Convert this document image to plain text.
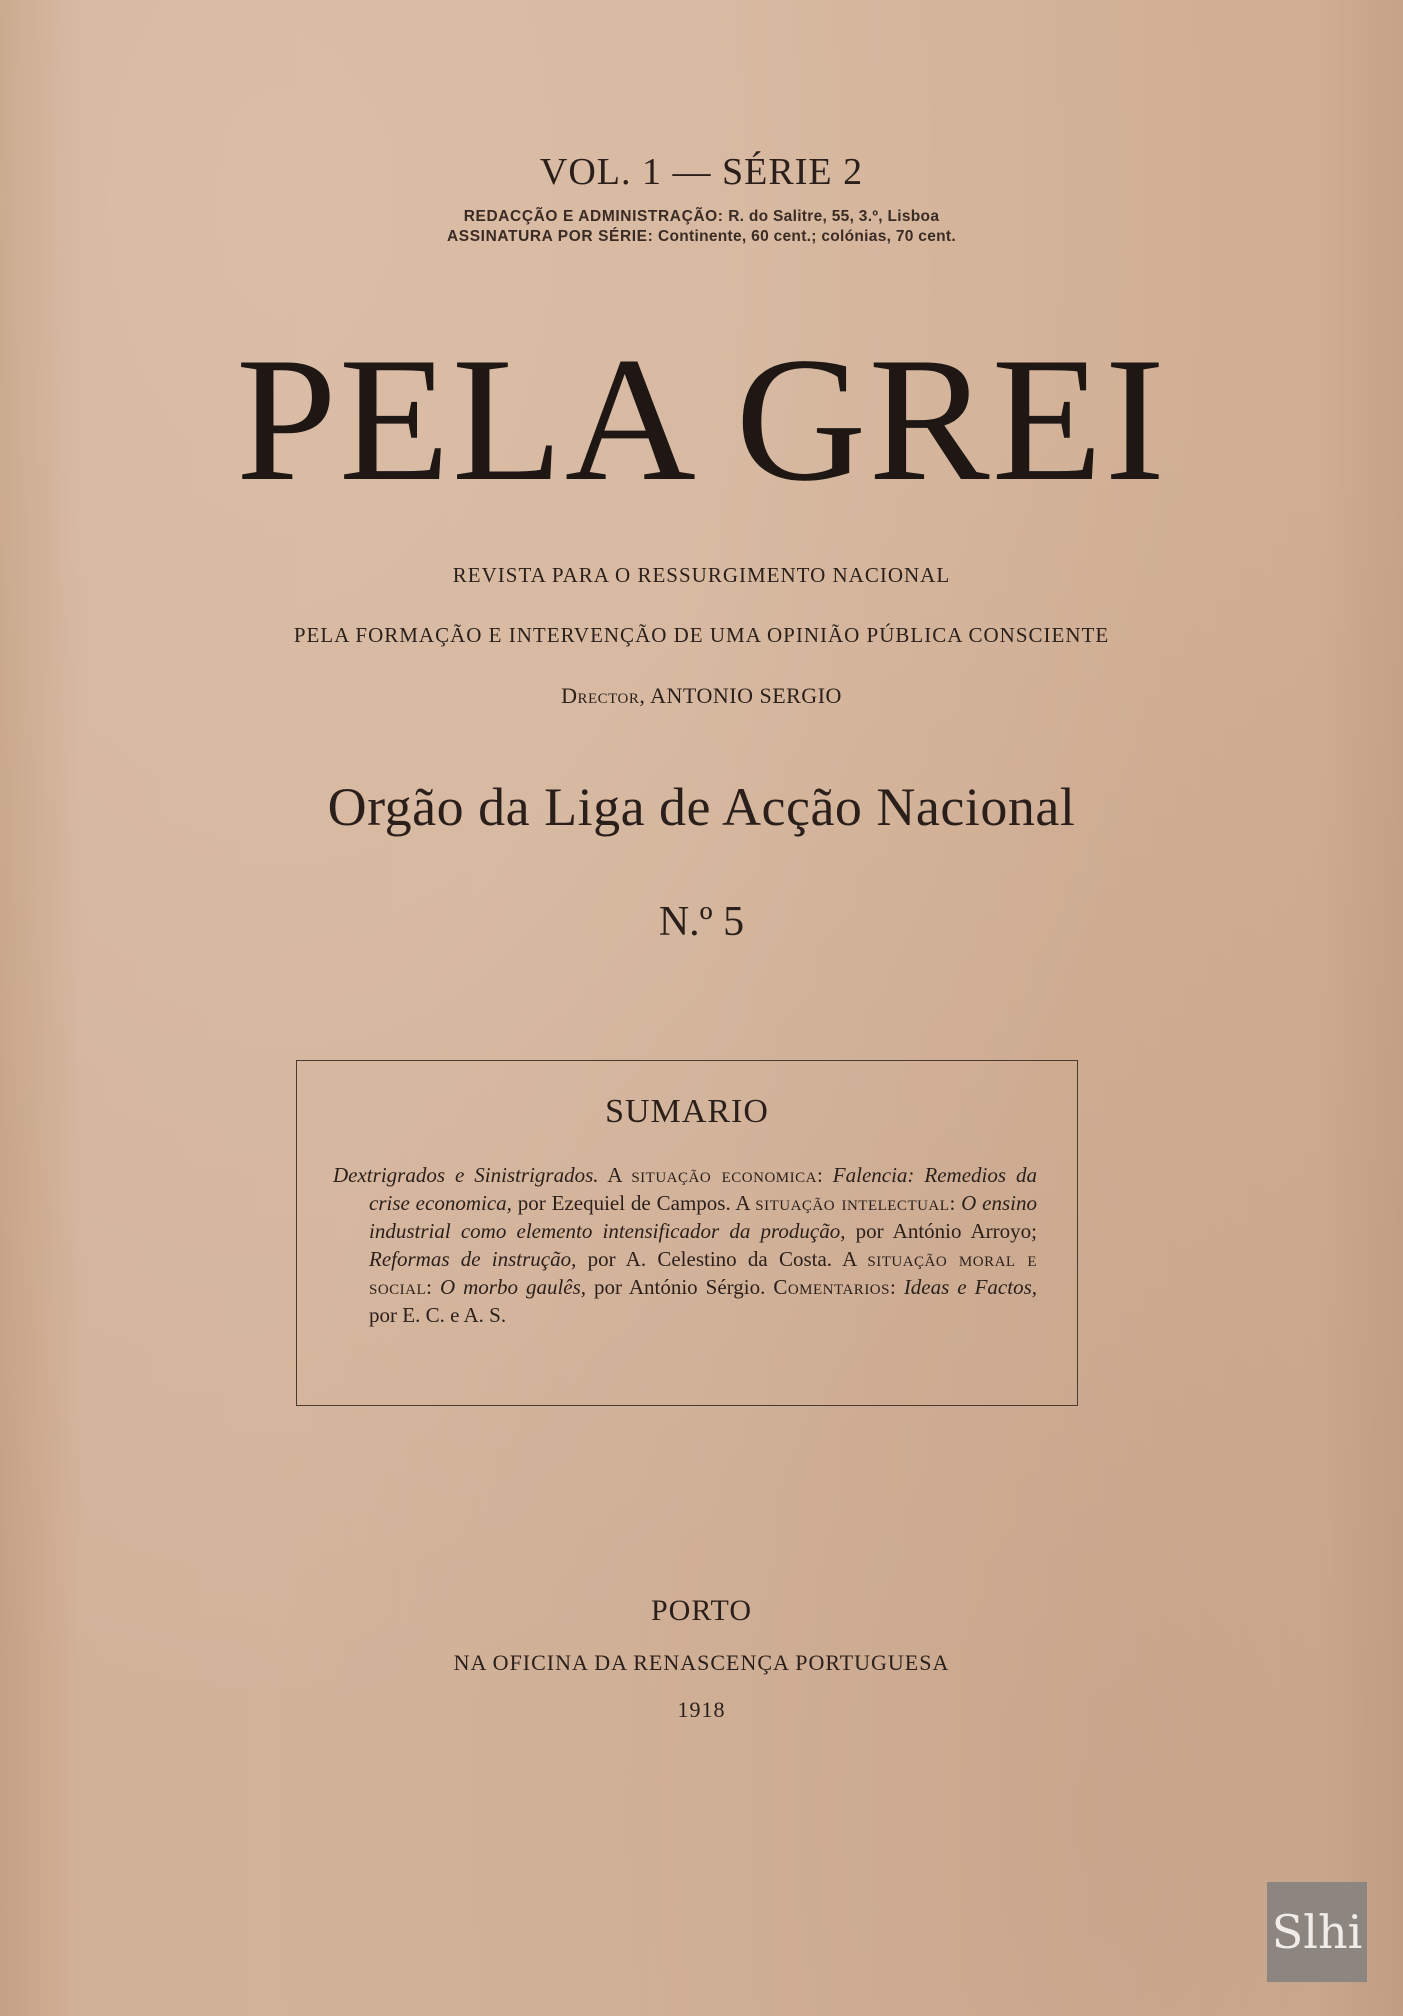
VOL. 1 — SÉRIE 2
REDACÇÃO E ADMINISTRAÇÃO: R. do Salitre, 55, 3.º, Lisboa
ASSINATURA POR SÉRIE: Continente, 60 cent.; colónias, 70 cent.
PELA GREI
REVISTA PARA O RESSURGIMENTO NACIONAL
PELA FORMAÇÃO E INTERVENÇÃO DE UMA OPINIÃO PÚBLICA CONSCIENTE
Drector, ANTONIO SERGIO
Orgão da Liga de Acção Nacional
N.º 5
SUMARIO
Dextrigrados e Sinistrigrados. A situação economica: Falencia: Remedios da crise economica, por Ezequiel de Campos. A situação intelectual: O ensino industrial como elemento intensificador da produção, por António Arroyo; Reformas de instrução, por A. Celestino da Costa. A situação moral e social: O morbo gaulês, por António Sérgio. Comentarios: Ideas e Factos, por E. C. e A. S.
PORTO
NA OFICINA DA RENASCENÇA PORTUGUESA
1918
Slhi
